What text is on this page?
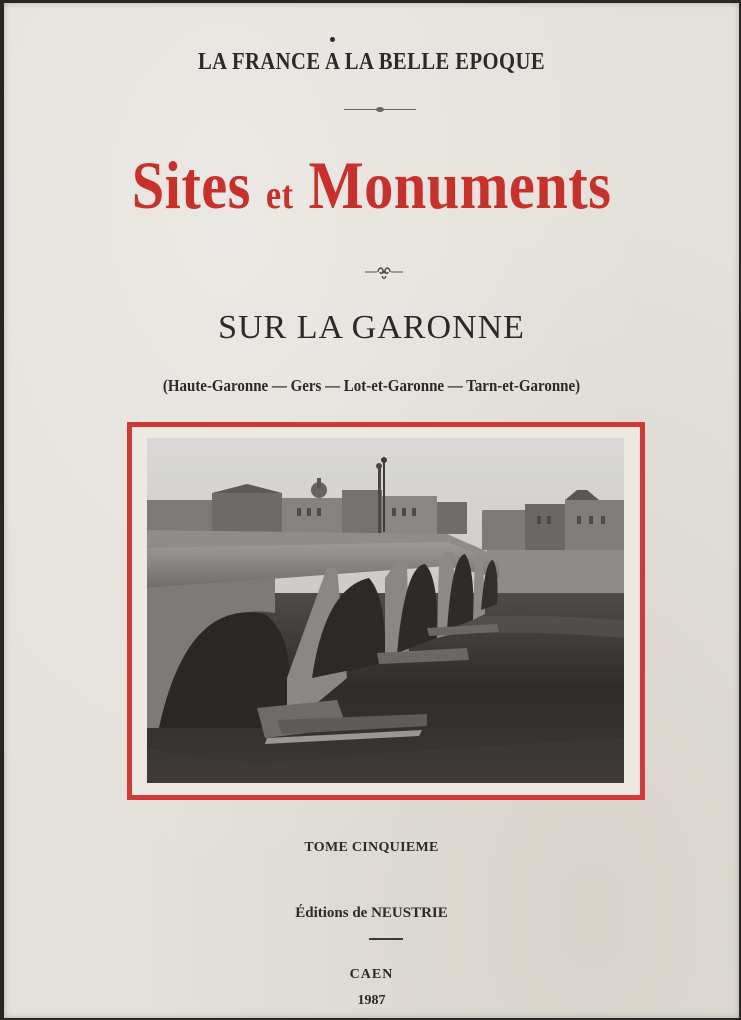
LA FRANCE A LA BELLE EPOQUE
Sites et Monuments
SUR LA GARONNE
(Haute-Garonne — Gers — Lot-et-Garonne — Tarn-et-Garonne)
TOME CINQUIEME
Éditions de NEUSTRIE
CAEN
1987
